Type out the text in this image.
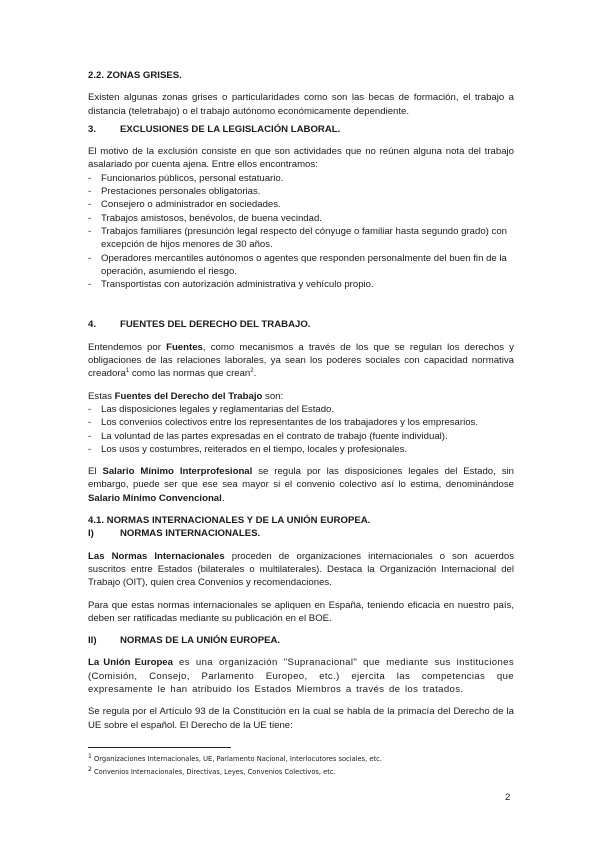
2.2. ZONAS GRISES.

Existen algunas zonas grises o particularidades como son las becas de formación, el trabajo a distancia (teletrabajo) o el trabajo autónomo económicamente dependiente.

3.	EXCLUSIONES DE LA LEGISLACIÓN LABORAL.

El motivo de la exclusión consiste en que son actividades que no reúnen alguna nota del trabajo asalariado por cuenta ajena. Entre ellos encontramos:

- Funcionarios públicos, personal estatuario.
- Prestaciones personales obligatorias.
- Consejero o administrador en sociedades.
- Trabajos amistosos, benévolos, de buena vecindad.
- Trabajos familiares (presunción legal respecto del cónyuge o familiar hasta segundo grado) con excepción de hijos menores de 30 años.
- Operadores mercantiles autónomos o agentes que responden personalmente del buen fin de la operación, asumiendo el riesgo.
- Transportistas con autorización administrativa y vehículo propio.
4.	FUENTES DEL DERECHO DEL TRABAJO.

Entendemos por Fuentes, como mecanismos a través de los que se regulan los derechos y obligaciones de las relaciones laborales, ya sean los poderes sociales con capacidad normativa creadora$^1$ como las normas que crean$^2$.

Estas Fuentes del Derecho del Trabajo son:

- Las disposiciones legales y reglamentarias del Estado.
- Los convenios colectivos entre los representantes de los trabajadores y los empresarios.
- La voluntad de las partes expresadas en el contrato de trabajo (fuente individual).
- Los usos y costumbres, reiterados en el tiempo, locales y profesionales.

El Salario Mínimo Interprofesional se regula por las disposiciones legales del Estado, sin embargo, puede ser que ese sea mayor si el convenio colectivo así lo estima, denominándose Salario Mínimo Convencional.

4.1. NORMAS INTERNACIONALES Y DE LA UNIÓN EUROPEA.

I)	NORMAS INTERNACIONALES.

Las Normas Internacionales proceden de organizaciones internacionales o son acuerdos suscritos entre Estados (bilaterales o multilaterales). Destaca la Organización Internacional del Trabajo (OIT), quien crea Convenios y recomendaciones.

Para que estas normas internacionales se apliquen en España, teniendo eficacia en nuestro país, deben ser ratificadas mediante su publicación en el BOE.

II)	NORMAS DE LA UNIÓN EUROPEA.

La Unión Europea es una organización "Supranacional" que mediante sus instituciones (Comisión, Consejo, Parlamento Europeo, etc.) ejercita las competencias que expresamente le han atribuido los Estados Miembros a través de los tratados.

Se regula por el Artículo 93 de la Constitución en la cual se habla de la primacía del Derecho de la UE sobre el español. El Derecho de la UE tiene:

$^1$ Organizaciones Internacionales, UE, Parlamento Nacional, Interlocutores sociales, etc.
$^2$ Convenios Internacionales, Directivas, Leyes, Convenios Colectivos, etc.
2
